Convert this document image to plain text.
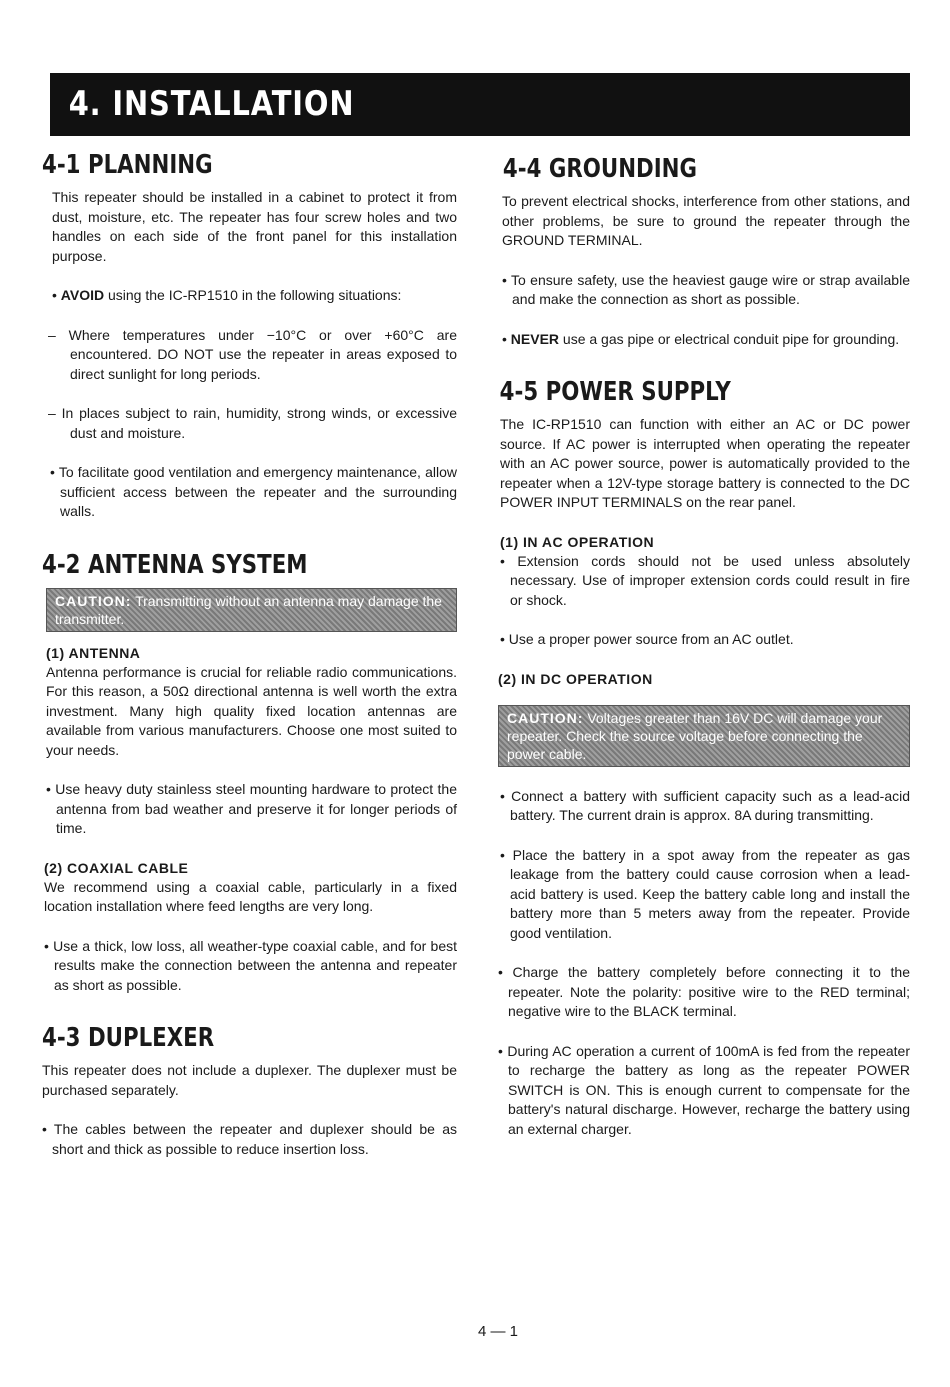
4. INSTALLATION
4-1 PLANNING

This repeater should be installed in a cabinet to protect it from dust, moisture, etc. The repeater has four screw holes and two handles on each side of the front panel for this installation purpose.

• AVOID using the IC-RP1510 in the following situations:

– Where temperatures under −10°C or over +60°C are encountered. DO NOT use the repeater in areas exposed to direct sunlight for long periods.

– In places subject to rain, humidity, strong winds, or excessive dust and moisture.

• To facilitate good ventilation and emergency maintenance, allow sufficient access between the repeater and the surrounding walls.

4-2 ANTENNA SYSTEM
CAUTION: Transmitting without an antenna may damage the transmitter.

(1) ANTENNA

Antenna performance is crucial for reliable radio communications. For this reason, a 50Ω directional antenna is well worth the extra investment. Many high quality fixed location antennas are available from various manufacturers. Choose one most suited to your needs.

• Use heavy duty stainless steel mounting hardware to protect the antenna from bad weather and preserve it for longer periods of time.

(2) COAXIAL CABLE

We recommend using a coaxial cable, particularly in a fixed location installation where feed lengths are very long.

• Use a thick, low loss, all weather-type coaxial cable, and for best results make the connection between the antenna and repeater as short as possible.

4-3 DUPLEXER

This repeater does not include a duplexer. The duplexer must be purchased separately.

• The cables between the repeater and duplexer should be as short and thick as possible to reduce insertion loss.

4-4 GROUNDING

To prevent electrical shocks, interference from other stations, and other problems, be sure to ground the repeater through the GROUND TERMINAL.

• To ensure safety, use the heaviest gauge wire or strap available and make the connection as short as possible.

• NEVER use a gas pipe or electrical conduit pipe for grounding.

4-5 POWER SUPPLY

The IC-RP1510 can function with either an AC or DC power source. If AC power is interrupted when operating the repeater with an AC power source, power is automatically provided to the repeater when a 12V-type storage battery is connected to the DC POWER INPUT TERMINALS on the rear panel.

(1) IN AC OPERATION

• Extension cords should not be used unless absolutely necessary. Use of improper extension cords could result in fire or shock.

• Use a proper power source from an AC outlet.

(2) IN DC OPERATION

CAUTION: Voltages greater than 16V DC will damage your repeater. Check the source voltage before connecting the power cable.

• Connect a battery with sufficient capacity such as a lead-acid battery. The current drain is approx. 8A during transmitting.

• Place the battery in a spot away from the repeater as gas leakage from the battery could cause corrosion when a lead-acid battery is used. Keep the battery cable long and install the battery more than 5 meters away from the repeater. Provide good ventilation.

• Charge the battery completely before connecting it to the repeater. Note the polarity: positive wire to the RED terminal; negative wire to the BLACK terminal.

• During AC operation a current of 100mA is fed from the repeater to recharge the battery as long as the repeater POWER SWITCH is ON. This is enough current to compensate for the battery's natural discharge. However, recharge the battery using an external charger.

4 — 1
